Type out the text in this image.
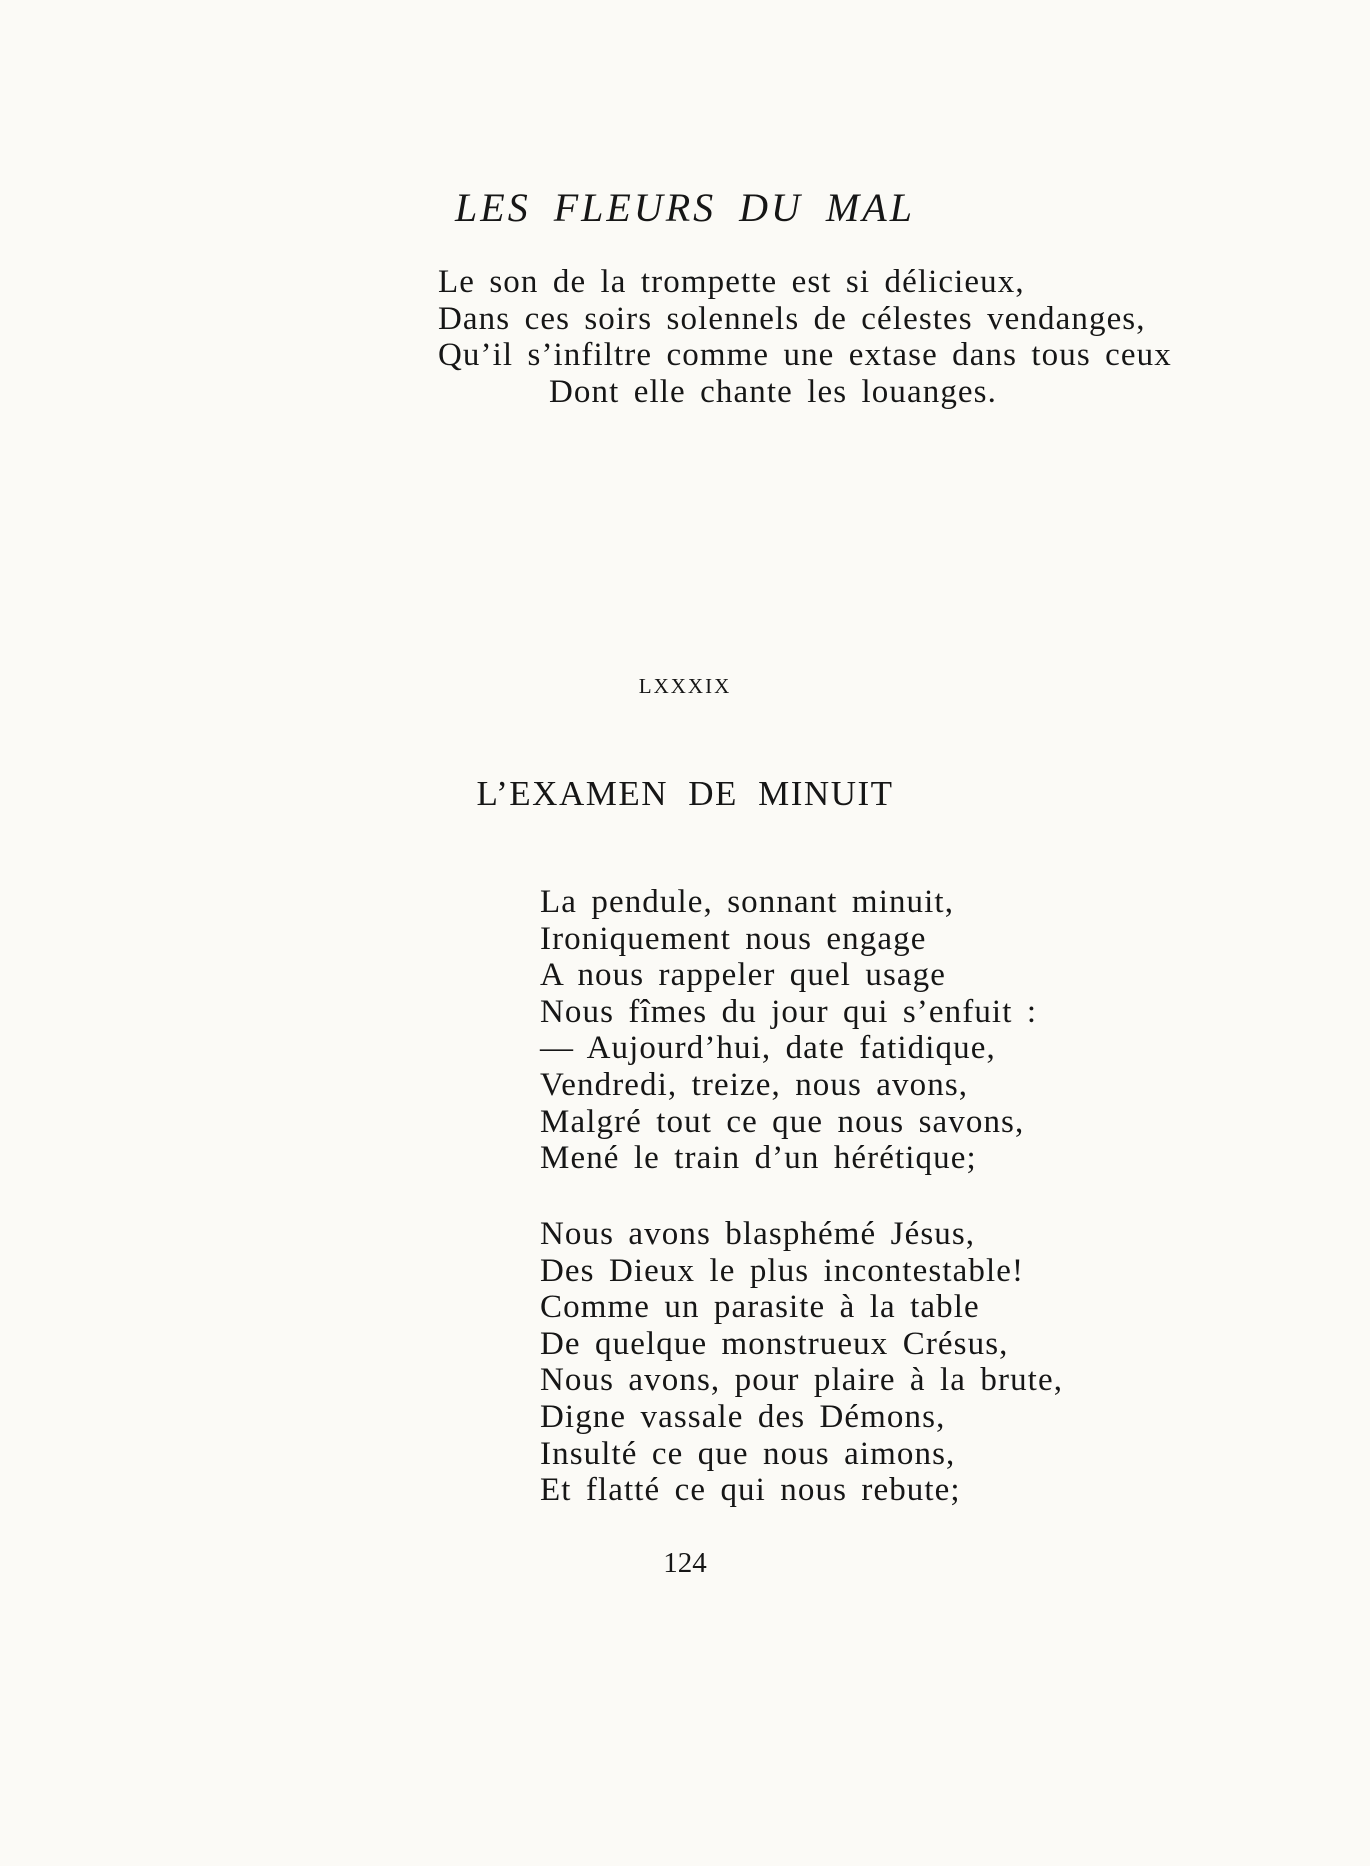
LES FLEURS DU MAL
Le son de la trompette est si délicieux,
Dans ces soirs solennels de célestes vendanges,
Qu’il s’infiltre comme une extase dans tous ceux
Dont elle chante les louanges.
LXXXIX
L’EXAMEN DE MINUIT
La pendule, sonnant minuit,
Ironiquement nous engage
A nous rappeler quel usage
Nous fîmes du jour qui s’enfuit :
— Aujourd’hui, date fatidique,
Vendredi, treize, nous avons,
Malgré tout ce que nous savons,
Mené le train d’un hérétique;
Nous avons blasphémé Jésus,
Des Dieux le plus incontestable!
Comme un parasite à la table
De quelque monstrueux Crésus,
Nous avons, pour plaire à la brute,
Digne vassale des Démons,
Insulté ce que nous aimons,
Et flatté ce qui nous rebute;
124
